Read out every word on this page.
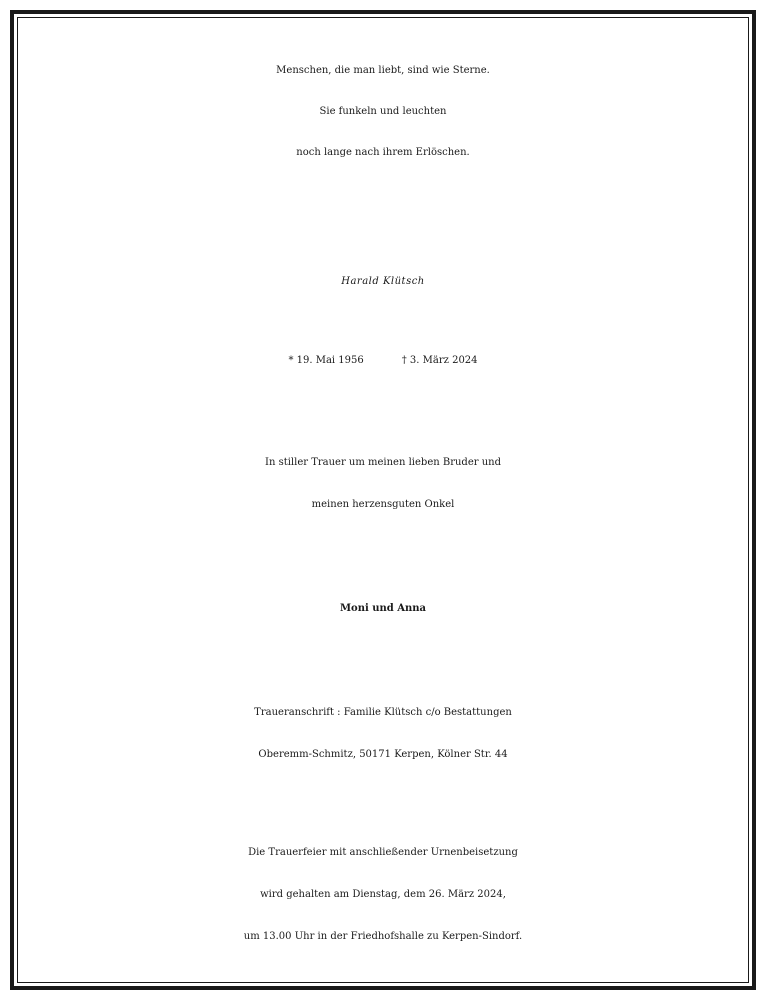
Menschen, die man liebt, sind wie Sterne.
Sie funkeln und leuchten
noch lange nach ihrem Erlöschen.
Harald Klütsch
* 19. Mai 1956	† 3. März 2024
In stiller Trauer um meinen lieben Bruder und
meinen herzensguten Onkel
Moni und Anna
Traueranschrift : Familie Klütsch c/o Bestattungen
Oberemm-Schmitz, 50171 Kerpen, Kölner Str. 44
Die Trauerfeier mit anschließender Urnenbeisetzung
wird gehalten am Dienstag, dem 26. März 2024,
um 13.00 Uhr in der Friedhofshalle zu Kerpen-Sindorf.
